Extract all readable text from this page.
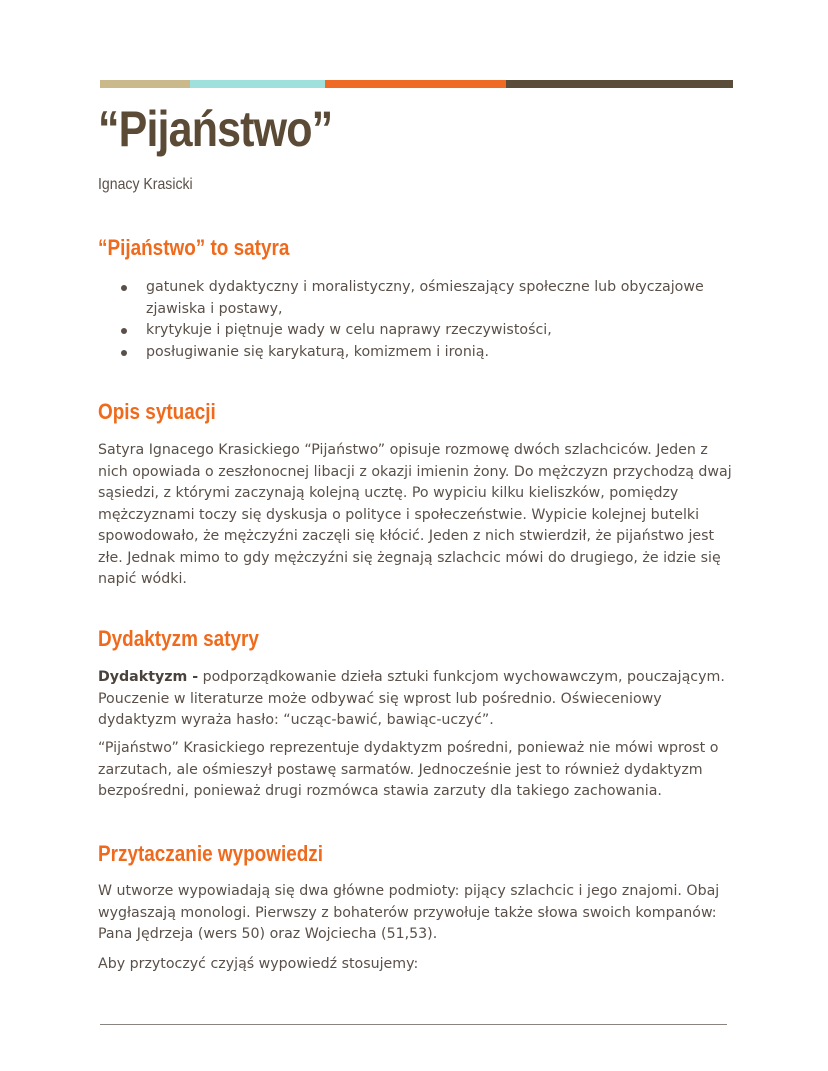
“Pijaństwo”
Ignacy Krasicki
“Pijaństwo” to satyra
gatunek dydaktyczny i moralistyczny, ośmieszający społeczne lub obyczajowe zjawiska i postawy,
krytykuje i piętnuje wady w celu naprawy rzeczywistości,
posługiwanie się karykaturą, komizmem i ironią.
Opis sytuacji

Satyra Ignacego Krasickiego “Pijaństwo” opisuje rozmowę dwóch szlachciców. Jeden z nich opowiada o zeszłonocnej libacji z okazji imienin żony. Do mężczyzn przychodzą dwaj sąsiedzi, z którymi zaczynają kolejną ucztę. Po wypiciu kilku kieliszków, pomiędzy mężczyznami toczy się dyskusja o polityce i społeczeństwie. Wypicie kolejnej butelki spowodowało, że mężczyźni zaczęli się kłócić. Jeden z nich stwierdził, że pijaństwo jest złe. Jednak mimo to gdy mężczyźni się żegnają szlachcic mówi do drugiego, że idzie się napić wódki.

Dydaktyzm satyry

Dydaktyzm - podporządkowanie dzieła sztuki funkcjom wychowawczym, pouczającym. Pouczenie w literaturze może odbywać się wprost lub pośrednio. Oświeceniowy dydaktyzm wyraża hasło: “ucząc-bawić, bawiąc-uczyć”.

“Pijaństwo” Krasickiego reprezentuje dydaktyzm pośredni, ponieważ nie mówi wprost o zarzutach, ale ośmieszył postawę sarmatów. Jednocześnie jest to również dydaktyzm bezpośredni, ponieważ drugi rozmówca stawia zarzuty dla takiego zachowania.

Przytaczanie wypowiedzi

W utworze wypowiadają się dwa główne podmioty: pijący szlachcic i jego znajomi. Obaj wygłaszają monologi. Pierwszy z bohaterów przywołuje także słowa swoich kompanów: Pana Jędrzeja (wers 50) oraz Wojciecha (51,53).

Aby przytoczyć czyjąś wypowiedź stosujemy:
